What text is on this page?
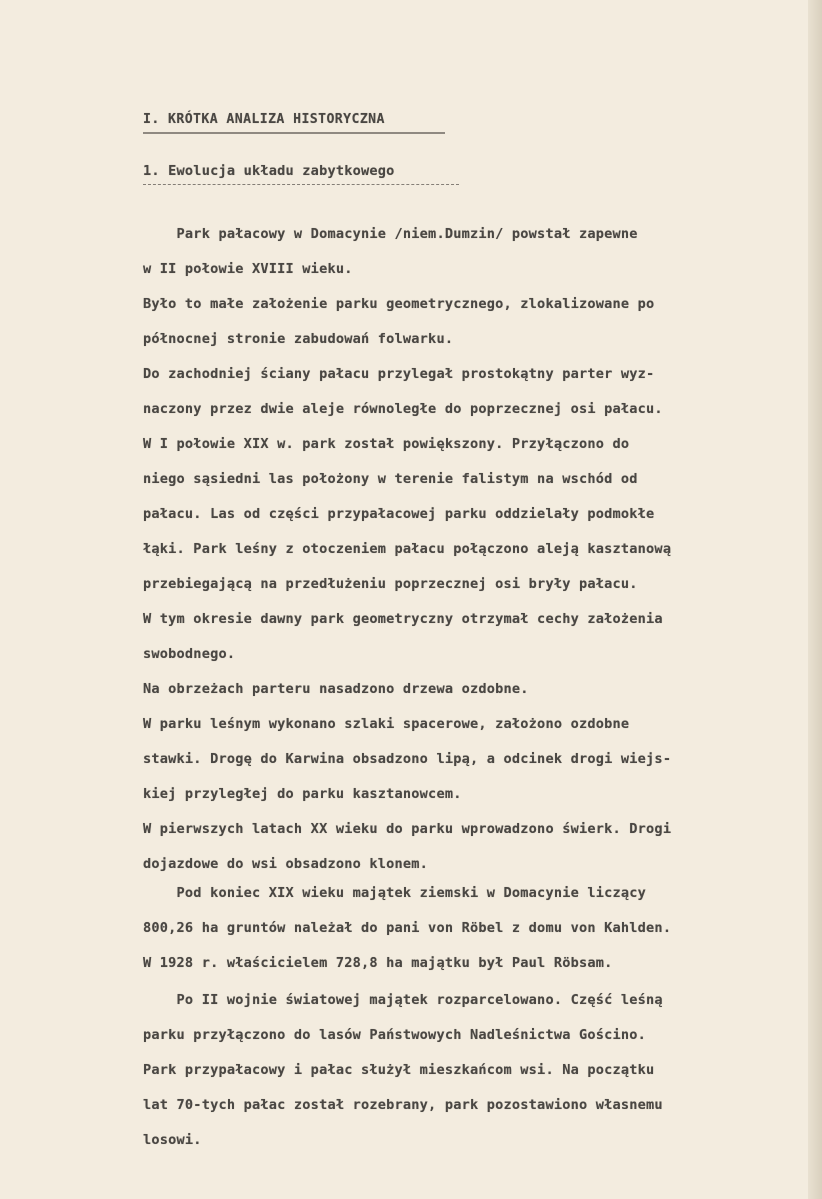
I. KRÓTKA ANALIZA HISTORYCZNA

1. Ewolucja układu zabytkowego

Park pałacowy w Domacynie /niem.Dumzin/ powstał zapewne

w II połowie XVIII wieku.

Było to małe założenie parku geometrycznego, zlokalizowane po

północnej stronie zabudowań folwarku.

Do zachodniej ściany pałacu przylegał prostokątny parter wyz-

naczony przez dwie aleje równoległe do poprzecznej osi pałacu.

W I połowie XIX w. park został powiększony. Przyłączono do

niego sąsiedni las położony w terenie falistym na wschód od

pałacu. Las od części przypałacowej parku oddzielały podmokłe

łąki. Park leśny z otoczeniem pałacu połączono aleją kasztanową

przebiegającą na przedłużeniu poprzecznej osi bryły pałacu.

W tym okresie dawny park geometryczny otrzymał cechy założenia

swobodnego.

Na obrzeżach parteru nasadzono drzewa ozdobne.

W parku leśnym wykonano szlaki spacerowe, założono ozdobne

stawki. Drogę do Karwina obsadzono lipą, a odcinek drogi wiejs-

kiej przyległej do parku kasztanowcem.

W pierwszych latach XX wieku do parku wprowadzono świerk. Drogi

dojazdowe do wsi obsadzono klonem.

Pod koniec XIX wieku majątek ziemski w Domacynie liczący

800,26 ha gruntów należał do pani von Röbel z domu von Kahlden.

W 1928 r. właścicielem 728,8 ha majątku był Paul Röbsam.

Po II wojnie światowej majątek rozparcelowano. Część leśną

parku przyłączono do lasów Państwowych Nadleśnictwa Gościno.

Park przypałacowy i pałac służył mieszkańcom wsi. Na początku

lat 70-tych pałac został rozebrany, park pozostawiono własnemu

losowi.
